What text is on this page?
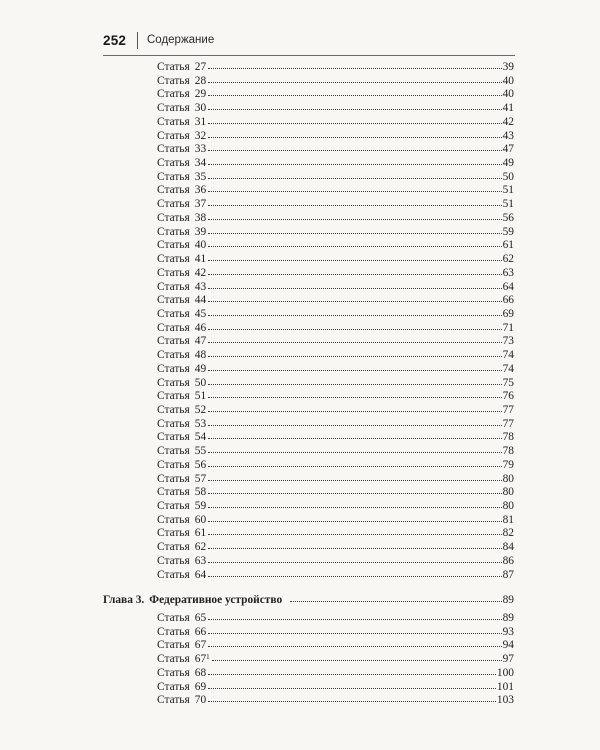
252 Содержание
Статья 27	39
Статья 28	40
Статья 29	40
Статья 30	41
Статья 31	42
Статья 32	43
Статья 33	47
Статья 34	49
Статья 35	50
Статья 36	51
Статья 37	51
Статья 38	56
Статья 39	59
Статья 40	61
Статья 41	62
Статья 42	63
Статья 43	64
Статья 44	66
Статья 45	69
Статья 46	71
Статья 47	73
Статья 48	74
Статья 49	74
Статья 50	75
Статья 51	76
Статья 52	77
Статья 53	77
Статья 54	78
Статья 55	78
Статья 56	79
Статья 57	80
Статья 58	80
Статья 59	80
Статья 60	81
Статья 61	82
Статья 62	84
Статья 63	86
Статья 64	87
Глава 3. Федеративное устройство	89
Статья 65	89
Статья 66	93
Статья 67	94
Статья $67^1$	97
Статья 68	100
Статья 69	101
Статья 70	103
